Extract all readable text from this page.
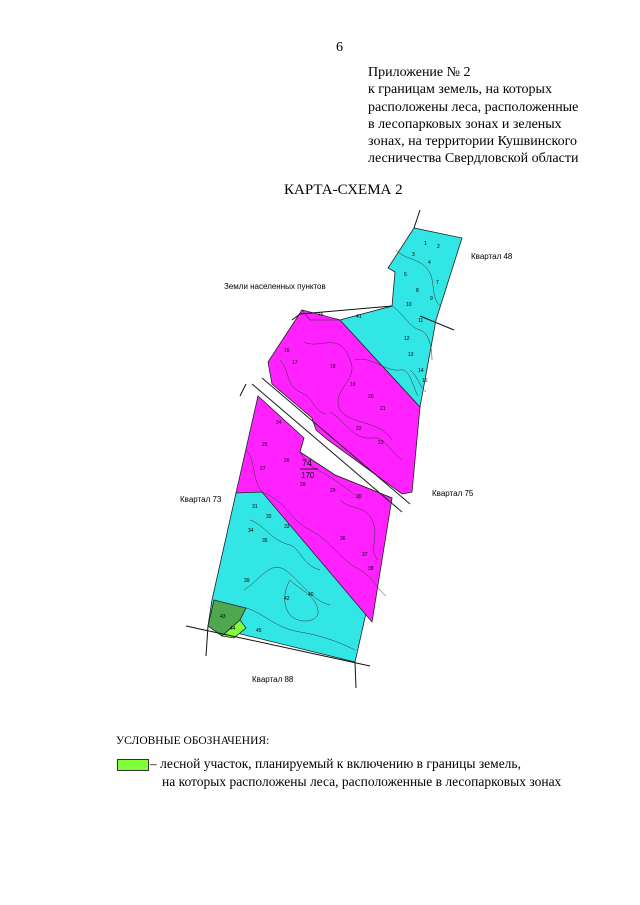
6
Приложение № 2
к границам земель, на которых
расположены леса, расположенные
в лесопарковых зонах и зеленых
зонах, на территории Кушвинского
лесничества Свердловской области
КАРТА-СХЕМА 2
1 2
3
4
5
7
8
9
10
11
12
13
14
15
16
17
18
19
20
21
22
23
24
25
26
27
28
29
30
31
32
33
34
35	36
37
38
39
40
41
42
43
44	45
46
74
170
Квартал 48
Земли населенных пунктов
Квартал 73
Квартал 75
Квартал 88
УСЛОВНЫЕ ОБОЗНАЧЕНИЯ:
– лесной участок, планируемый к включению в границы земель,
на которых расположены леса, расположенные в лесопарковых зонах
